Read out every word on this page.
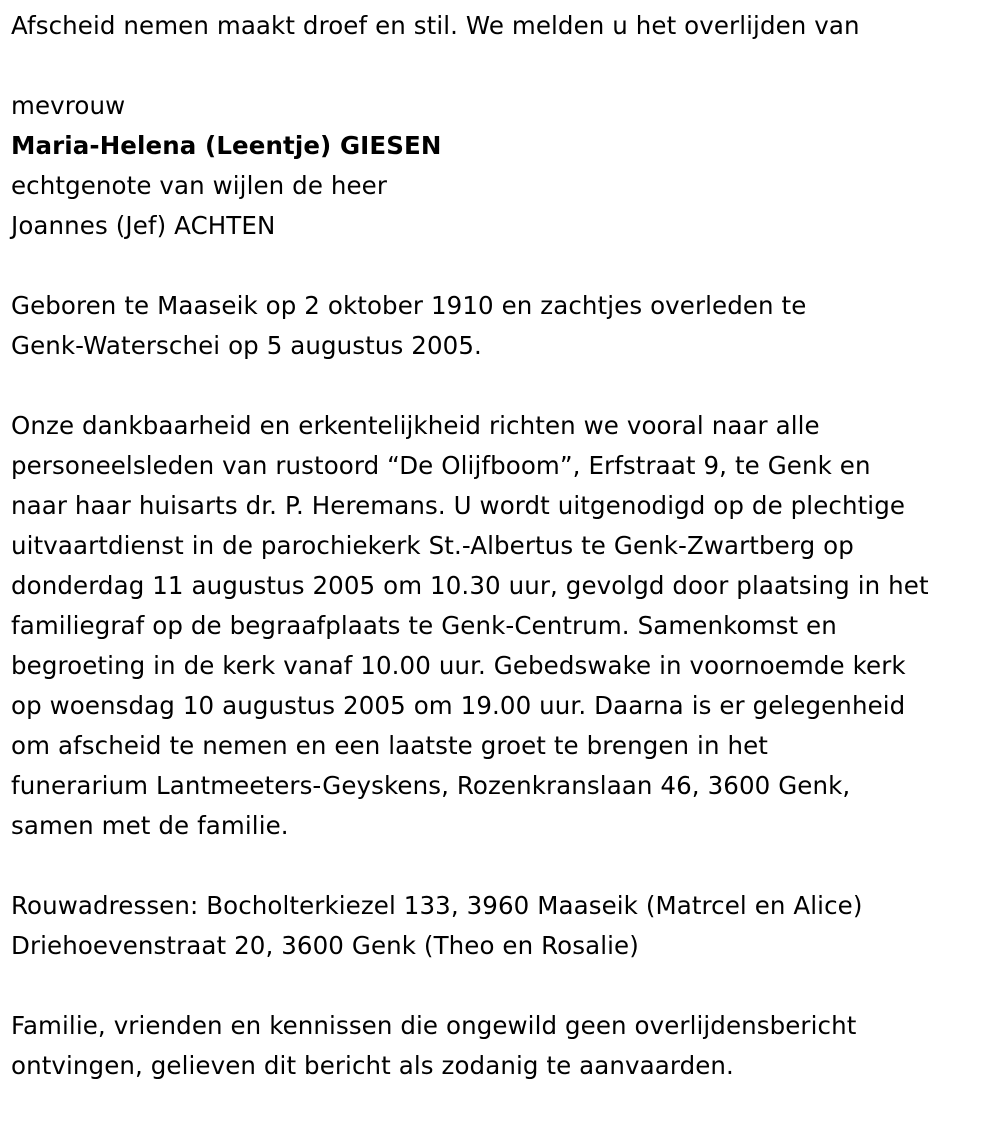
Afscheid nemen maakt droef en stil. We melden u het overlijden van
mevrouw
Maria-Helena (Leentje) GIESEN
echtgenote van wijlen de heer
Joannes (Jef) ACHTEN
Geboren te Maaseik op 2 oktober 1910 en zachtjes overleden te
Genk-Waterschei op 5 augustus 2005.
Onze dankbaarheid en erkentelijkheid richten we vooral naar alle
personeelsleden van rustoord “De Olijfboom”, Erfstraat 9, te Genk en
naar haar huisarts dr. P. Heremans. U wordt uitgenodigd op de plechtige
uitvaartdienst in de parochiekerk St.-Albertus te Genk-Zwartberg op
donderdag 11 augustus 2005 om 10.30 uur, gevolgd door plaatsing in het
familiegraf op de begraafplaats te Genk-Centrum. Samenkomst en
begroeting in de kerk vanaf 10.00 uur. Gebedswake in voornoemde kerk
op woensdag 10 augustus 2005 om 19.00 uur. Daarna is er gelegenheid
om afscheid te nemen en een laatste groet te brengen in het
funerarium Lantmeeters-Geyskens, Rozenkranslaan 46, 3600 Genk,
samen met de familie.
Rouwadressen: Bocholterkiezel 133, 3960 Maaseik (Matrcel en Alice)
Driehoevenstraat 20, 3600 Genk (Theo en Rosalie)
Familie, vrienden en kennissen die ongewild geen overlijdensbericht
ontvingen, gelieven dit bericht als zodanig te aanvaarden.
